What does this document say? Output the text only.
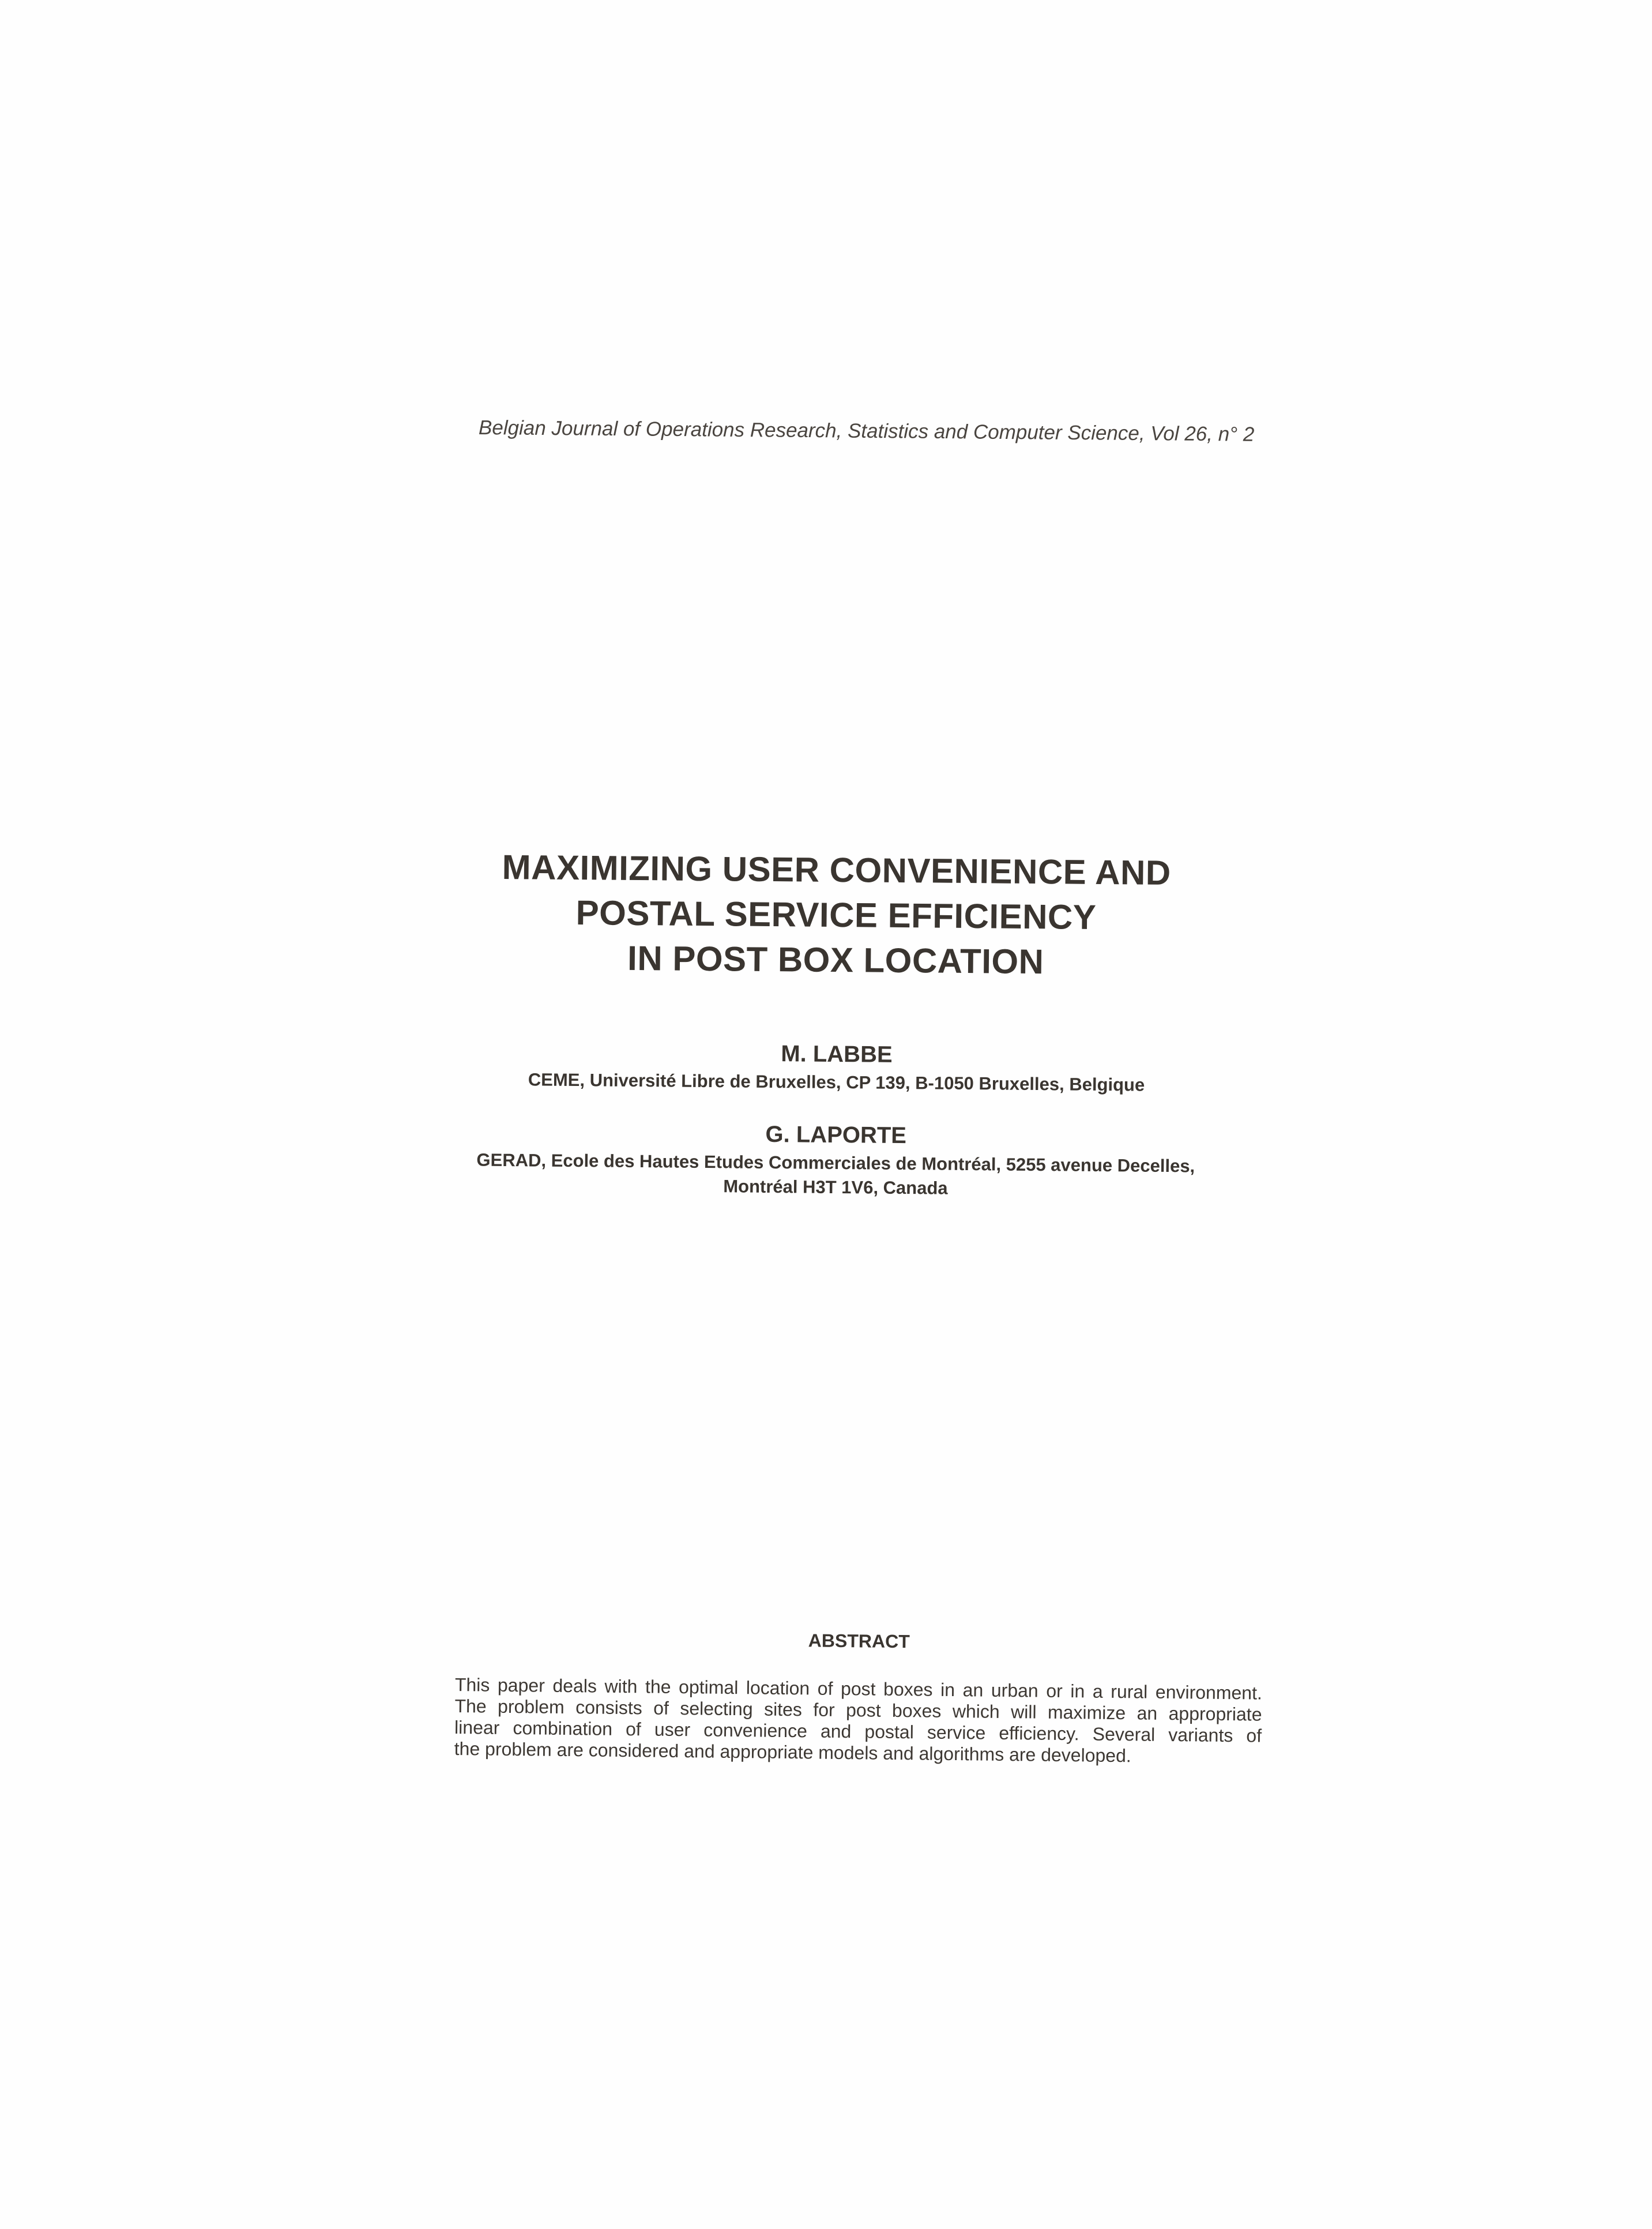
Belgian Journal of Operations Research, Statistics and Computer Science, Vol 26, n° 2
MAXIMIZING USER CONVENIENCE AND
POSTAL SERVICE EFFICIENCY
IN POST BOX LOCATION
M. LABBE
CEME, Université Libre de Bruxelles, CP 139, B-1050 Bruxelles, Belgique
G. LAPORTE
GERAD, Ecole des Hautes Etudes Commerciales de Montréal, 5255 avenue Decelles,
Montréal H3T 1V6, Canada
ABSTRACT
This paper deals with the optimal location of post boxes in an urban or in a rural environment.
The problem consists of selecting sites for post boxes which will maximize an appropriate
linear combination of user convenience and postal service efficiency. Several variants of
the problem are considered and appropriate models and algorithms are developed.
